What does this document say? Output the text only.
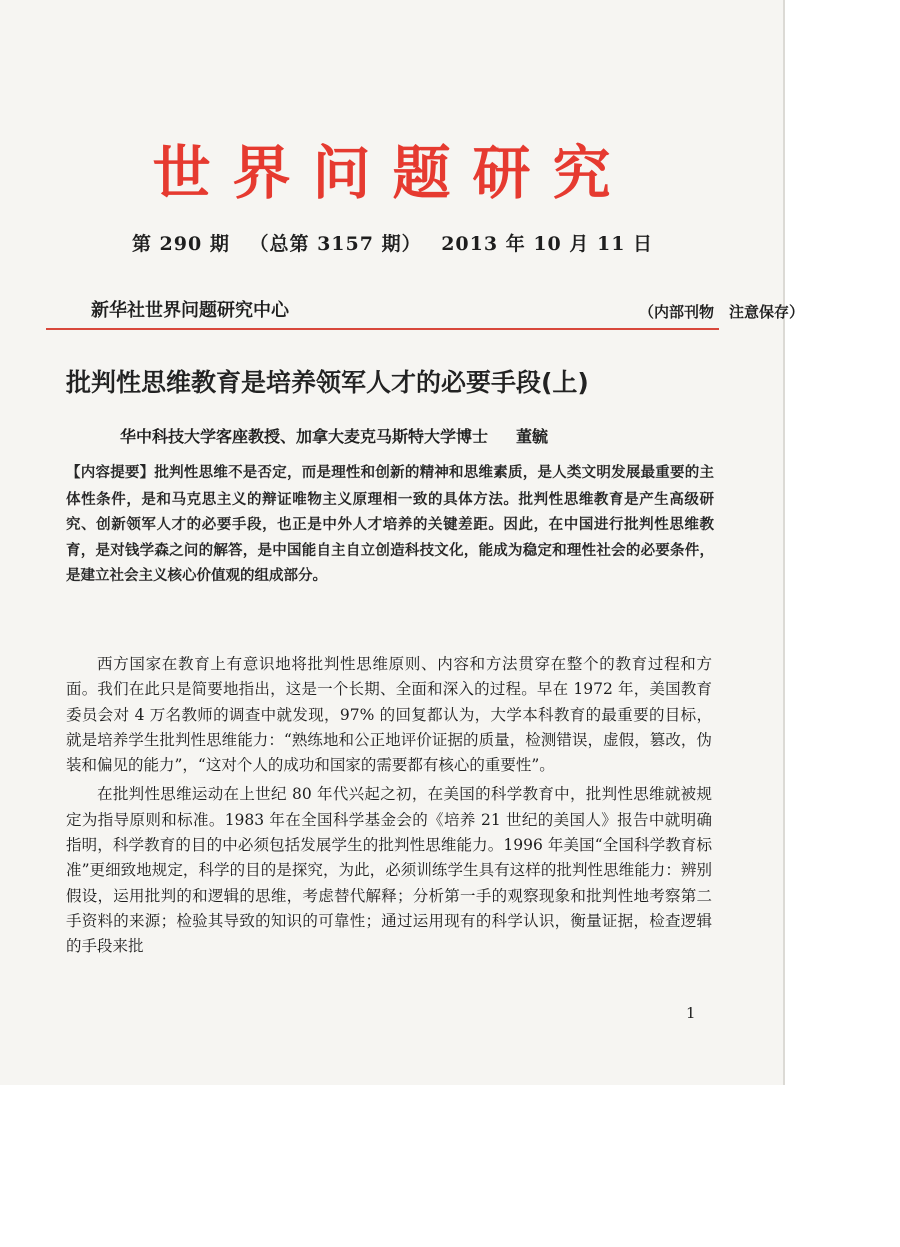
世界问题研究
第 290 期 （总第 3157 期） 2013 年 10 月 11 日
新华社世界问题研究中心	（内部刊物　注意保存）
批判性思维教育是培养领军人才的必要手段(上)
华中科技大学客座教授、加拿大麦克马斯特大学博士 董毓
【内容提要】批判性思维不是否定，而是理性和创新的精神和思维素质，是人类文明发展最重要的主体性条件，是和马克思主义的辩证唯物主义原理相一致的具体方法。批判性思维教育是产生高级研究、创新领军人才的必要手段，也正是中外人才培养的关键差距。因此，在中国进行批判性思维教育，是对钱学森之问的解答，是中国能自主自立创造科技文化，能成为稳定和理性社会的必要条件，是建立社会主义核心价值观的组成部分。

西方国家在教育上有意识地将批判性思维原则、内容和方法贯穿在整个的教育过程和方面。我们在此只是简要地指出，这是一个长期、全面和深入的过程。早在 1972 年，美国教育委员会对 4 万名教师的调查中就发现，97% 的回复都认为，大学本科教育的最重要的目标，就是培养学生批判性思维能力：“熟练地和公正地评价证据的质量，检测错误，虚假，篡改，伪装和偏见的能力”，“这对个人的成功和国家的需要都有核心的重要性”。

在批判性思维运动在上世纪 80 年代兴起之初，在美国的科学教育中，批判性思维就被规定为指导原则和标准。1983 年在全国科学基金会的《培养 21 世纪的美国人》报告中就明确指明，科学教育的目的中必须包括发展学生的批判性思维能力。1996 年美国“全国科学教育标准”更细致地规定，科学的目的是探究，为此，必须训练学生具有这样的批判性思维能力：辨别假设，运用批判的和逻辑的思维，考虑替代解释；分析第一手的观察现象和批判性地考察第二手资料的来源；检验其导致的知识的可靠性；通过运用现有的科学认识，衡量证据，检查逻辑的手段来批

1
